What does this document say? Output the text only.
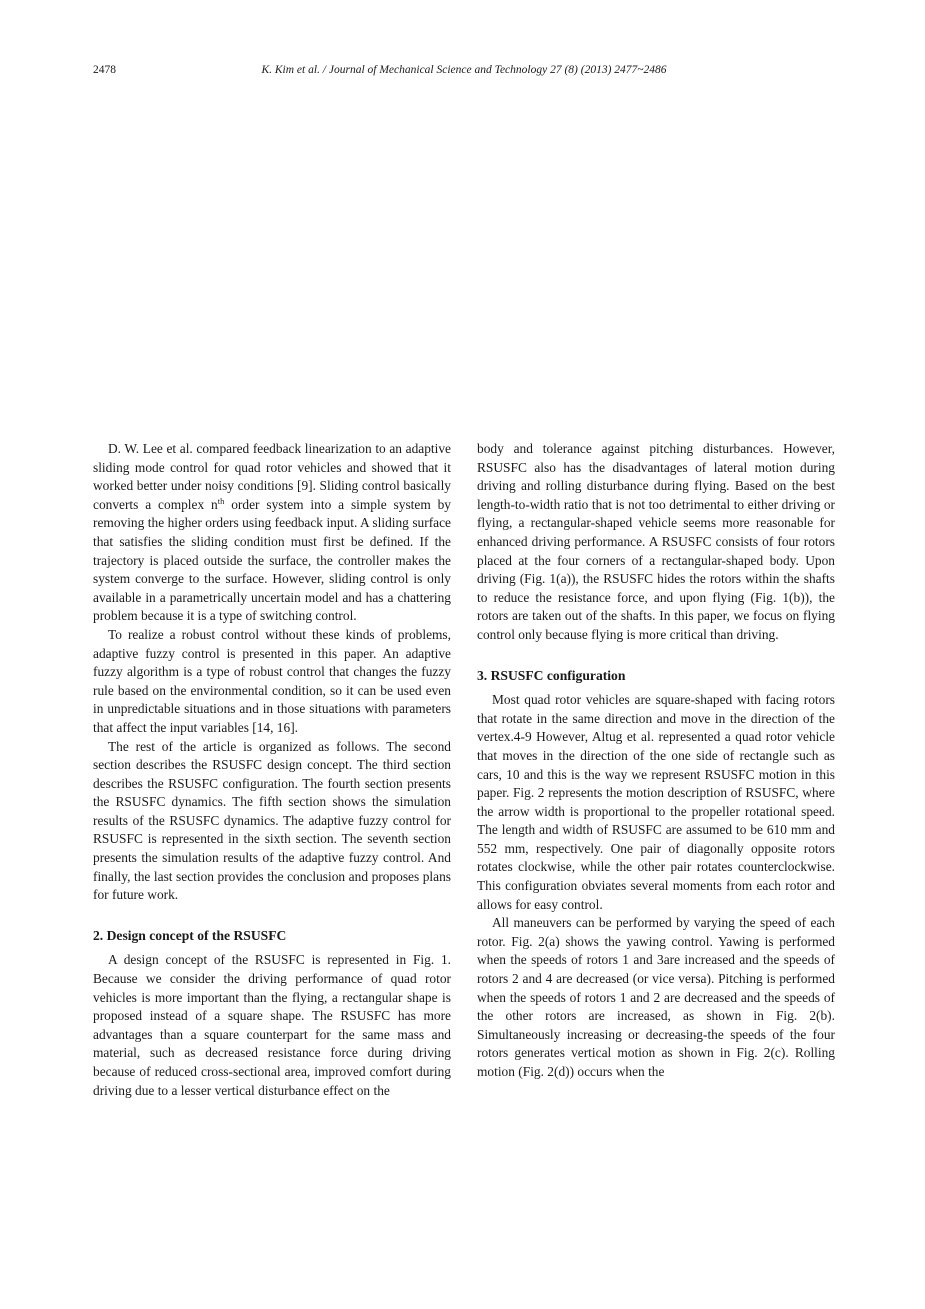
2478	K. Kim et al. / Journal of Mechanical Science and Technology 27 (8) (2013) 2477~2486

D. W. Lee et al. compared feedback linearization to an adaptive sliding mode control for quad rotor vehicles and showed that it worked better under noisy conditions [9]. Sliding control basically converts a complex $n^{th}$ order system into a simple system by removing the higher orders using feedback input. A sliding surface that satisfies the sliding condition must first be defined. If the trajectory is placed outside the surface, the controller makes the system converge to the surface. However, sliding control is only available in a parametrically uncertain model and has a chattering problem because it is a type of switching control.

To realize a robust control without these kinds of problems, adaptive fuzzy control is presented in this paper. An adaptive fuzzy algorithm is a type of robust control that changes the fuzzy rule based on the environmental condition, so it can be used even in unpredictable situations and in those situations with parameters that affect the input variables [14, 16].

The rest of the article is organized as follows. The second section describes the RSUSFC design concept. The third section describes the RSUSFC configuration. The fourth section presents the RSUSFC dynamics. The fifth section shows the simulation results of the RSUSFC dynamics. The adaptive fuzzy control for RSUSFC is represented in the sixth section. The seventh section presents the simulation results of the adaptive fuzzy control. And finally, the last section provides the conclusion and proposes plans for future work.

2. Design concept of the RSUSFC

A design concept of the RSUSFC is represented in Fig. 1. Because we consider the driving performance of quad rotor vehicles is more important than the flying, a rectangular shape is proposed instead of a square shape. The RSUSFC has more advantages than a square counterpart for the same mass and material, such as decreased resistance force during driving because of reduced cross-sectional area, improved comfort during driving due to a lesser vertical disturbance effect on the

body and tolerance against pitching disturbances. However, RSUSFC also has the disadvantages of lateral motion during driving and rolling disturbance during flying. Based on the best length-to-width ratio that is not too detrimental to either driving or flying, a rectangular-shaped vehicle seems more reasonable for enhanced driving performance. A RSUSFC consists of four rotors placed at the four corners of a rectangular-shaped body. Upon driving (Fig. 1(a)), the RSUSFC hides the rotors within the shafts to reduce the resistance force, and upon flying (Fig. 1(b)), the rotors are taken out of the shafts. In this paper, we focus on flying control only because flying is more critical than driving.

3. RSUSFC configuration

Most quad rotor vehicles are square-shaped with facing rotors that rotate in the same direction and move in the direction of the vertex.4-9 However, Altug et al. represented a quad rotor vehicle that moves in the direction of the one side of rectangle such as cars, 10 and this is the way we represent RSUSFC motion in this paper. Fig. 2 represents the motion description of RSUSFC, where the arrow width is proportional to the propeller rotational speed. The length and width of RSUSFC are assumed to be 610 mm and 552 mm, respectively. One pair of diagonally opposite rotors rotates clockwise, while the other pair rotates counterclockwise. This configuration obviates several moments from each rotor and allows for easy control.

All maneuvers can be performed by varying the speed of each rotor. Fig. 2(a) shows the yawing control. Yawing is performed when the speeds of rotors 1 and 3are increased and the speeds of rotors 2 and 4 are decreased (or vice versa). Pitching is performed when the speeds of rotors 1 and 2 are decreased and the speeds of the other rotors are increased, as shown in Fig. 2(b). Simultaneously increasing or decreasing-the speeds of the four rotors generates vertical motion as shown in Fig. 2(c). Rolling motion (Fig. 2(d)) occurs when the
